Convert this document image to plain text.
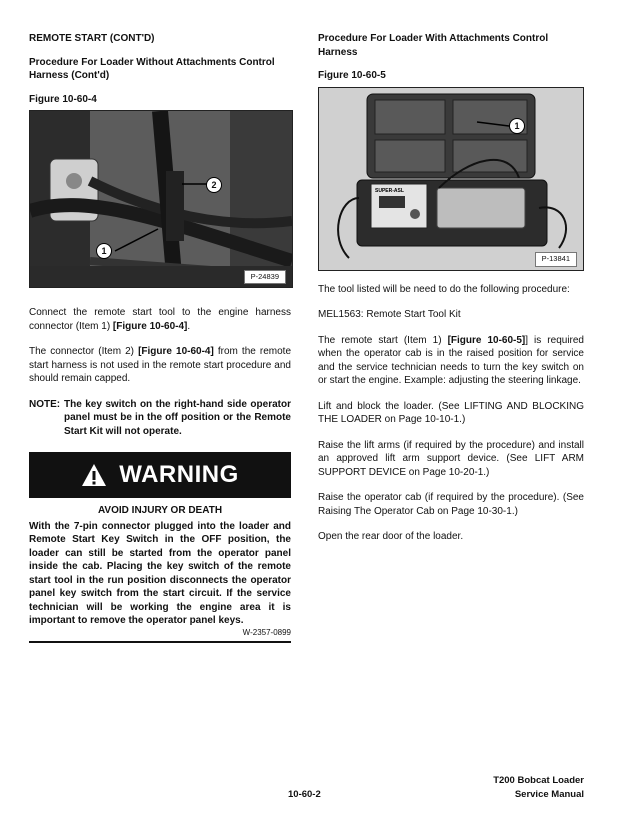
REMOTE START (CONT'D)
Procedure For Loader Without Attachments Control Harness (Cont'd)
Figure 10-60-4
2
1
P-24839

Connect the remote start tool to the engine harness connector (Item 1) [Figure 10-60-4].

The connector (Item 2) [Figure 10-60-4] from the remote start harness is not used in the remote start procedure and should remain capped.

NOTE: The key switch on the right-hand side operator panel must be in the off position or the Remote Start Kit will not operate.
WARNING
AVOID INJURY OR DEATH

With the 7-pin connector plugged into the loader and Remote Start Key Switch in the OFF position, the loader can still be started from the operator panel inside the cab. Placing the key switch of the remote start tool in the run position disconnects the operator panel key switch from the start circuit. If the service technician will be working the engine area it is important to remove the operator panel keys.

W-2357-0899

Procedure For Loader With Attachments Control Harness
Figure 10-60-5
SUPER-ASL
1
P-13841

The tool listed will be need to do the following procedure:

MEL1563: Remote Start Tool Kit

The remote start (Item 1) [Figure 10-60-5]] is required when the operator cab is in the raised position for service and the service technician needs to turn the key switch on or start the engine. Example: adjusting the steering linkage.

Lift and block the loader. (See LIFTING AND BLOCKING THE LOADER on Page 10-10-1.)

Raise the lift arms (if required by the procedure) and install an approved lift arm support device. (See LIFT ARM SUPPORT DEVICE on Page 10-20-1.)

Raise the operator cab (if required by the procedure). (See Raising The Operator Cab on Page 10-30-1.)

Open the rear door of the loader.

10-60-2
T200 Bobcat Loader
Service Manual
